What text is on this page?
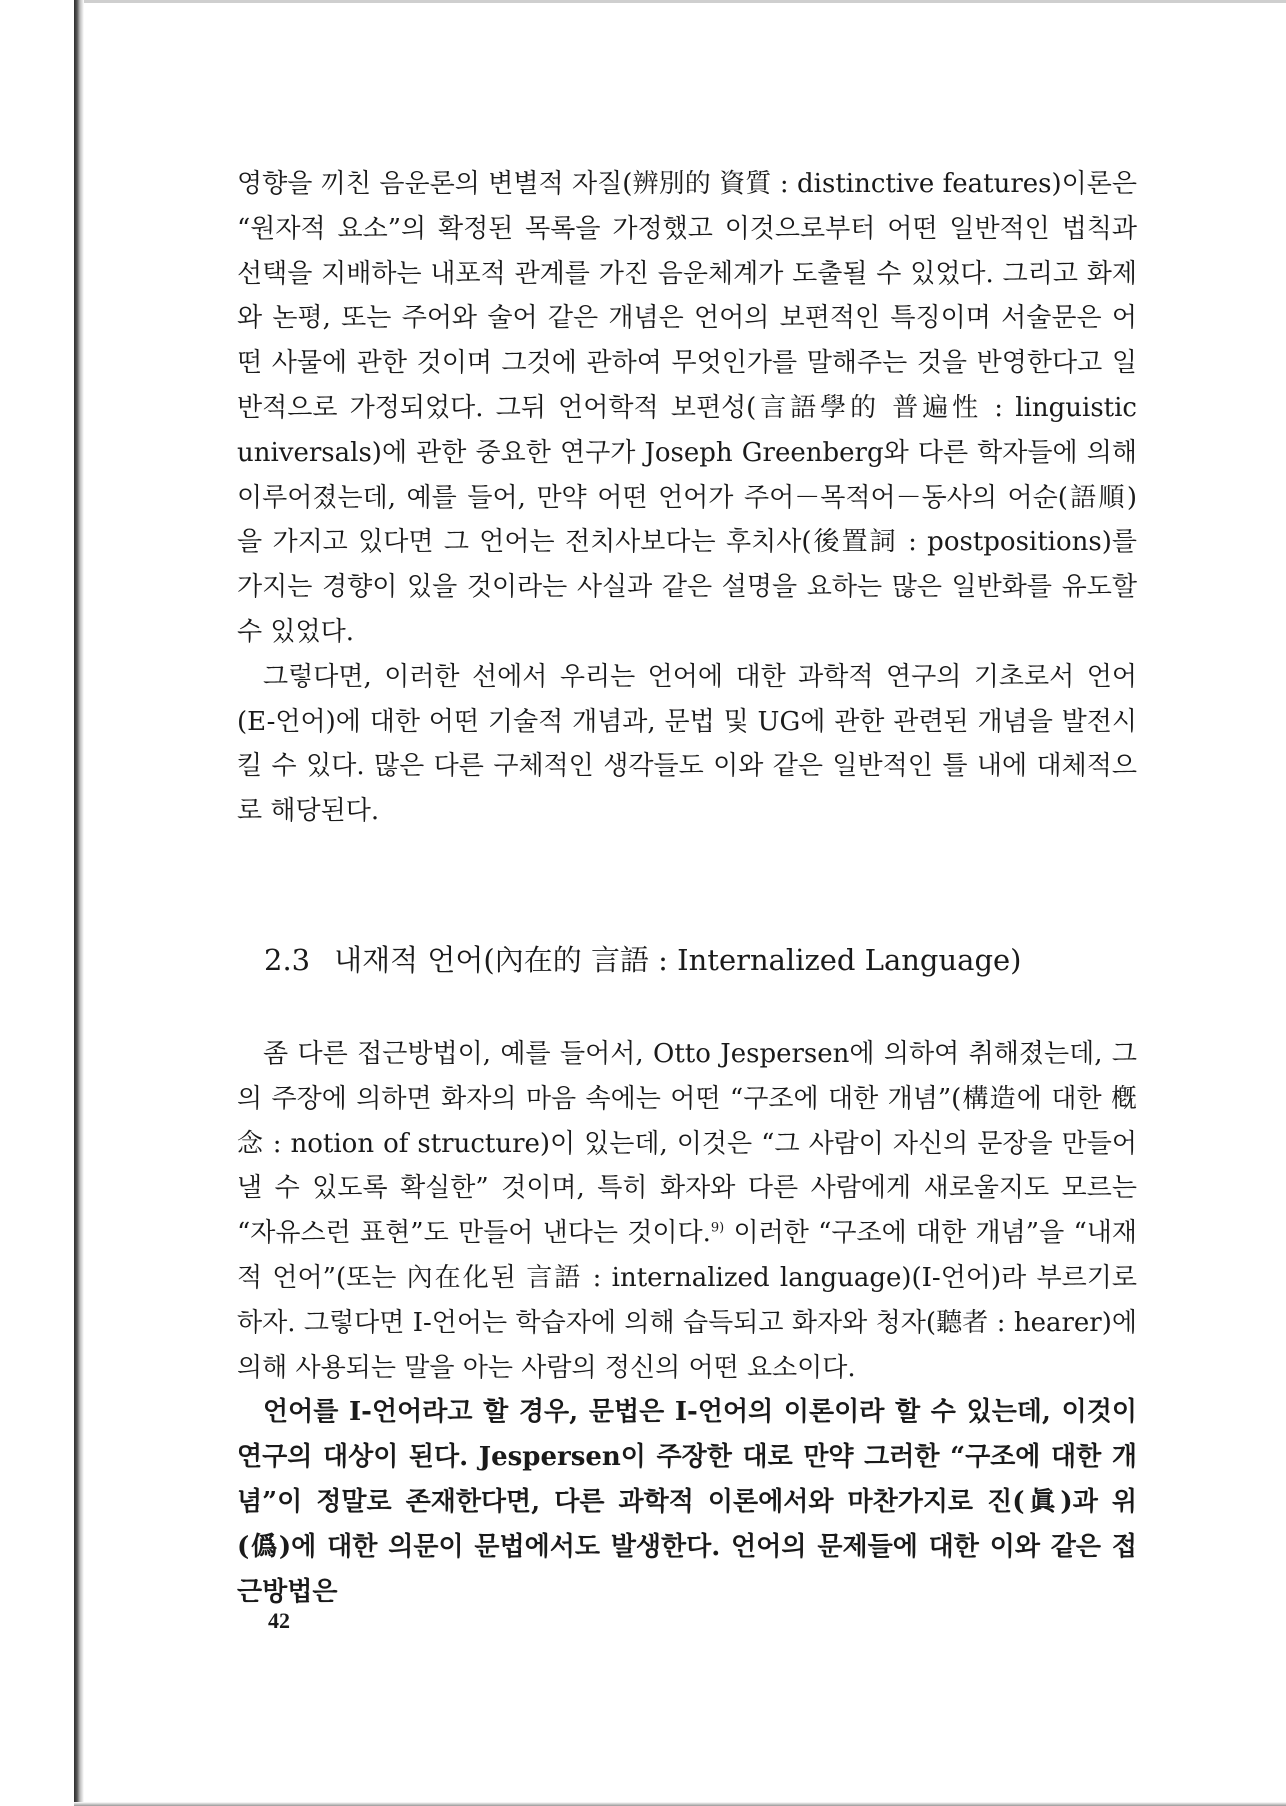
영향을 끼친 음운론의 변별적 자질(辨別的 資質 : distinctive features)이론은 “원자적 요소”의 확정된 목록을 가정했고 이것으로부터 어떤 일반적인 법칙과 선택을 지배하는 내포적 관계를 가진 음운체계가 도출될 수 있었다. 그리고 화제와 논평, 또는 주어와 술어 같은 개념은 언어의 보편적인 특징이며 서술문은 어떤 사물에 관한 것이며 그것에 관하여 무엇인가를 말해주는 것을 반영한다고 일반적으로 가정되었다. 그뒤 언어학적 보편성(言語學的 普遍性 : linguistic universals)에 관한 중요한 연구가 Joseph Greenberg와 다른 학자들에 의해 이루어졌는데, 예를 들어, 만약 어떤 언어가 주어－목적어－동사의 어순(語順)을 가지고 있다면 그 언어는 전치사보다는 후치사(後置詞 : postpositions)를 가지는 경향이 있을 것이라는 사실과 같은 설명을 요하는 많은 일반화를 유도할 수 있었다.

그렇다면, 이러한 선에서 우리는 언어에 대한 과학적 연구의 기초로서 언어(E-언어)에 대한 어떤 기술적 개념과, 문법 및 UG에 관한 관련된 개념을 발전시킬 수 있다. 많은 다른 구체적인 생각들도 이와 같은 일반적인 틀 내에 대체적으로 해당된다.

2.3 내재적 언어(內在的 言語 : Internalized Language)

좀 다른 접근방법이, 예를 들어서, Otto Jespersen에 의하여 취해졌는데, 그의 주장에 의하면 화자의 마음 속에는 어떤 “구조에 대한 개념”(構造에 대한 槪念 : notion of structure)이 있는데, 이것은 “그 사람이 자신의 문장을 만들어 낼 수 있도록 확실한” 것이며, 특히 화자와 다른 사람에게 새로울지도 모르는 “자유스런 표현”도 만들어 낸다는 것이다.$^{9)}$ 이러한 “구조에 대한 개념”을 “내재적 언어”(또는 內在化된 言語 : internalized language)(I-언어)라 부르기로 하자. 그렇다면 I-언어는 학습자에 의해 습득되고 화자와 청자(聽者 : hearer)에 의해 사용되는 말을 아는 사람의 정신의 어떤 요소이다.

언어를 I-언어라고 할 경우, 문법은 I-언어의 이론이라 할 수 있는데, 이것이 연구의 대상이 된다. Jespersen이 주장한 대로 만약 그러한 “구조에 대한 개념”이 정말로 존재한다면, 다른 과학적 이론에서와 마찬가지로 진(眞)과 위(僞)에 대한 의문이 문법에서도 발생한다. 언어의 문제들에 대한 이와 같은 접근방법은

42
